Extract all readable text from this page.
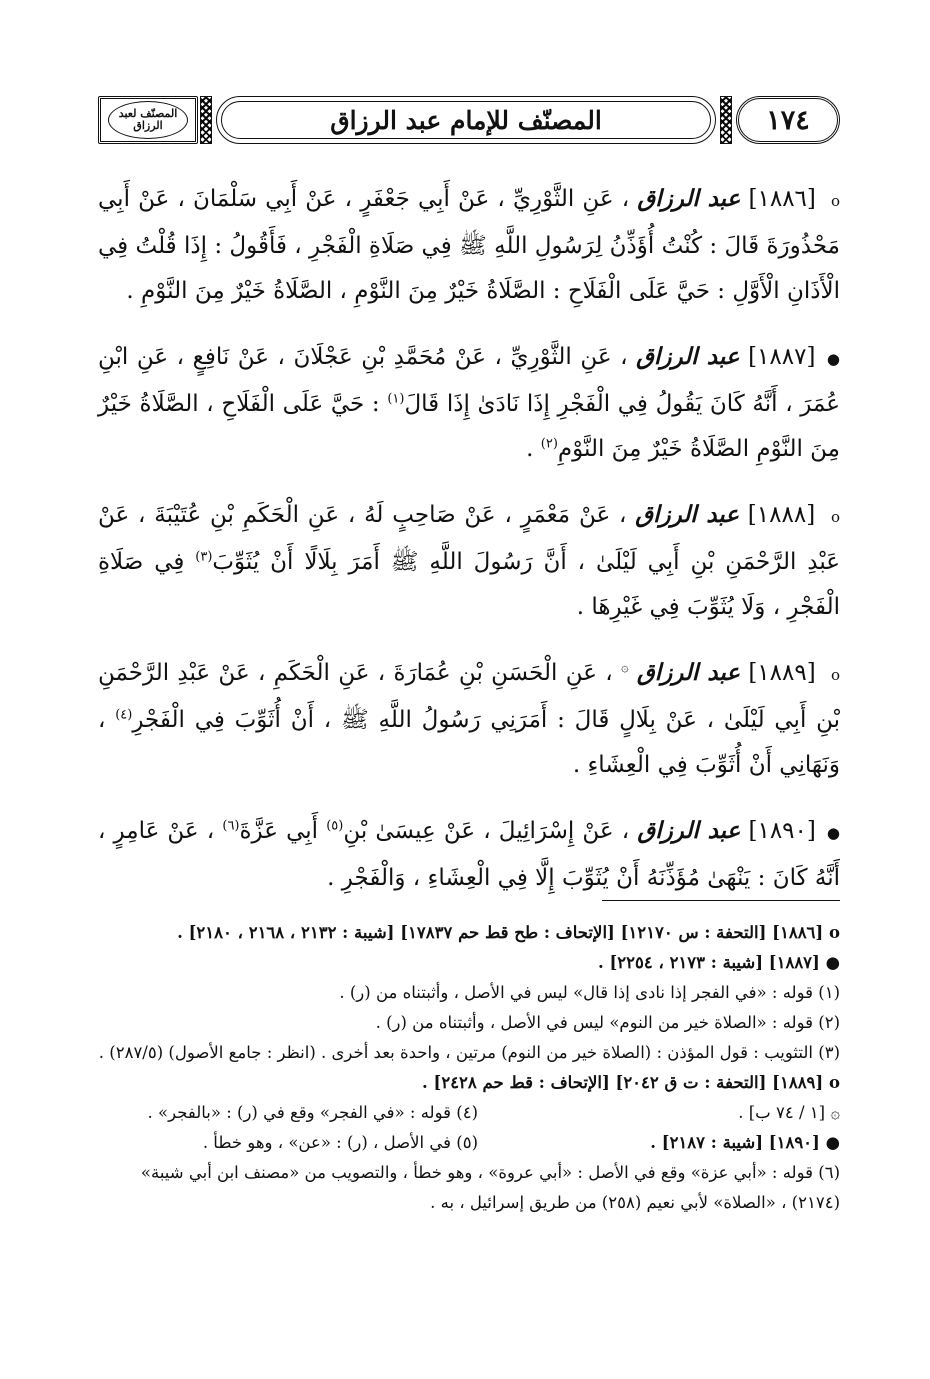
المصنّف لعبد الرزاق	المصنّف للإمام عبد الرزاق	١٧٤

o [١٨٨٦] عبد الرزاق ، عَنِ الثَّوْرِيِّ ، عَنْ أَبِي جَعْفَرٍ ، عَنْ أَبِي سَلْمَانَ ، عَنْ أَبِي مَحْذُورَةَ قَالَ : كُنْتُ أُؤَذِّنُ لِرَسُولِ اللَّهِ ﷺ فِي صَلَاةِ الْفَجْرِ ، فَأَقُولُ : إِذَا قُلْتُ فِي الْأَذَانِ الْأَوَّلِ : حَيَّ عَلَى الْفَلَاحِ : الصَّلَاةُ خَيْرٌ مِنَ النَّوْمِ ، الصَّلَاةُ خَيْرٌ مِنَ النَّوْمِ .

● [١٨٨٧] عبد الرزاق ، عَنِ الثَّوْرِيِّ ، عَنْ مُحَمَّدِ بْنِ عَجْلَانَ ، عَنْ نَافِعٍ ، عَنِ ابْنِ عُمَرَ ، أَنَّهُ كَانَ يَقُولُ فِي الْفَجْرِ إِذَا نَادَىٰ إِذَا قَالَ$^{(١)}$ : حَيَّ عَلَى الْفَلَاحِ ، الصَّلَاةُ خَيْرٌ مِنَ النَّوْمِ الصَّلَاةُ خَيْرٌ مِنَ النَّوْمِ$^{(٢)}$ .

o [١٨٨٨] عبد الرزاق ، عَنْ مَعْمَرٍ ، عَنْ صَاحِبٍ لَهُ ، عَنِ الْحَكَمِ بْنِ عُتَيْبَةَ ، عَنْ عَبْدِ الرَّحْمَنِ بْنِ أَبِي لَيْلَىٰ ، أَنَّ رَسُولَ اللَّهِ ﷺ أَمَرَ بِلَالًا أَنْ يُثَوِّبَ$^{(٣)}$ فِي صَلَاةِ الْفَجْرِ ، وَلَا يُثَوِّبَ فِي غَيْرِهَا .

o [١٨٨٩] عبد الرزاق ۞ ، عَنِ الْحَسَنِ بْنِ عُمَارَةَ ، عَنِ الْحَكَمِ ، عَنْ عَبْدِ الرَّحْمَنِ بْنِ أَبِي لَيْلَىٰ ، عَنْ بِلَالٍ قَالَ : أَمَرَنِي رَسُولُ اللَّهِ ﷺ ، أَنْ أُثَوِّبَ فِي الْفَجْرِ$^{(٤)}$ ، وَنَهَانِي أَنْ أُثَوِّبَ فِي الْعِشَاءِ .

● [١٨٩٠] عبد الرزاق ، عَنْ إِسْرَائِيلَ ، عَنْ عِيسَىٰ بْنِ$^{(٥)}$ أَبِي عَزَّةَ$^{(٦)}$ ، عَنْ عَامِرٍ ، أَنَّهُ كَانَ : يَنْهَىٰ مُؤَذِّنَهُ أَنْ يُثَوِّبَ إِلَّا فِي الْعِشَاءِ ، وَالْفَجْرِ .

o [١٨٨٦] [التحفة : س ١٢١٧٠] [الإتحاف : طح قط حم ١٧٨٣٧] [شيبة : ٢١٣٢ ، ٢١٦٨ ، ٢١٨٠] .

● [١٨٨٧] [شيبة : ٢١٧٣ ، ٢٢٥٤] .

(١) قوله : «في الفجر إذا نادى إذا قال» ليس في الأصل ، وأثبتناه من (ر) .

(٢) قوله : «الصلاة خير من النوم» ليس في الأصل ، وأثبتناه من (ر) .

(٣) التثويب : قول المؤذن : (الصلاة خير من النوم) مرتين ، واحدة بعد أخرى . (انظر : جامع الأصول) (٢٨٧/٥) .

o [١٨٨٩] [التحفة : ت ق ٢٠٤٢] [الإتحاف : قط حم ٢٤٢٨] .

۞ [١ / ٧٤ ب] .
(٤) قوله : «في الفجر» وقع في (ر) : «بالفجر» .
● [١٨٩٠] [شيبة : ٢١٨٧] .
(٥) في الأصل ، (ر) : «عن» ، وهو خطأ .

(٦) قوله : «أبي عزة» وقع في الأصل : «أبي عروة» ، وهو خطأ ، والتصويب من «مصنف ابن أبي شيبة» (٢١٧٤) ، «الصلاة» لأبي نعيم (٢٥٨) من طريق إسرائيل ، به .
